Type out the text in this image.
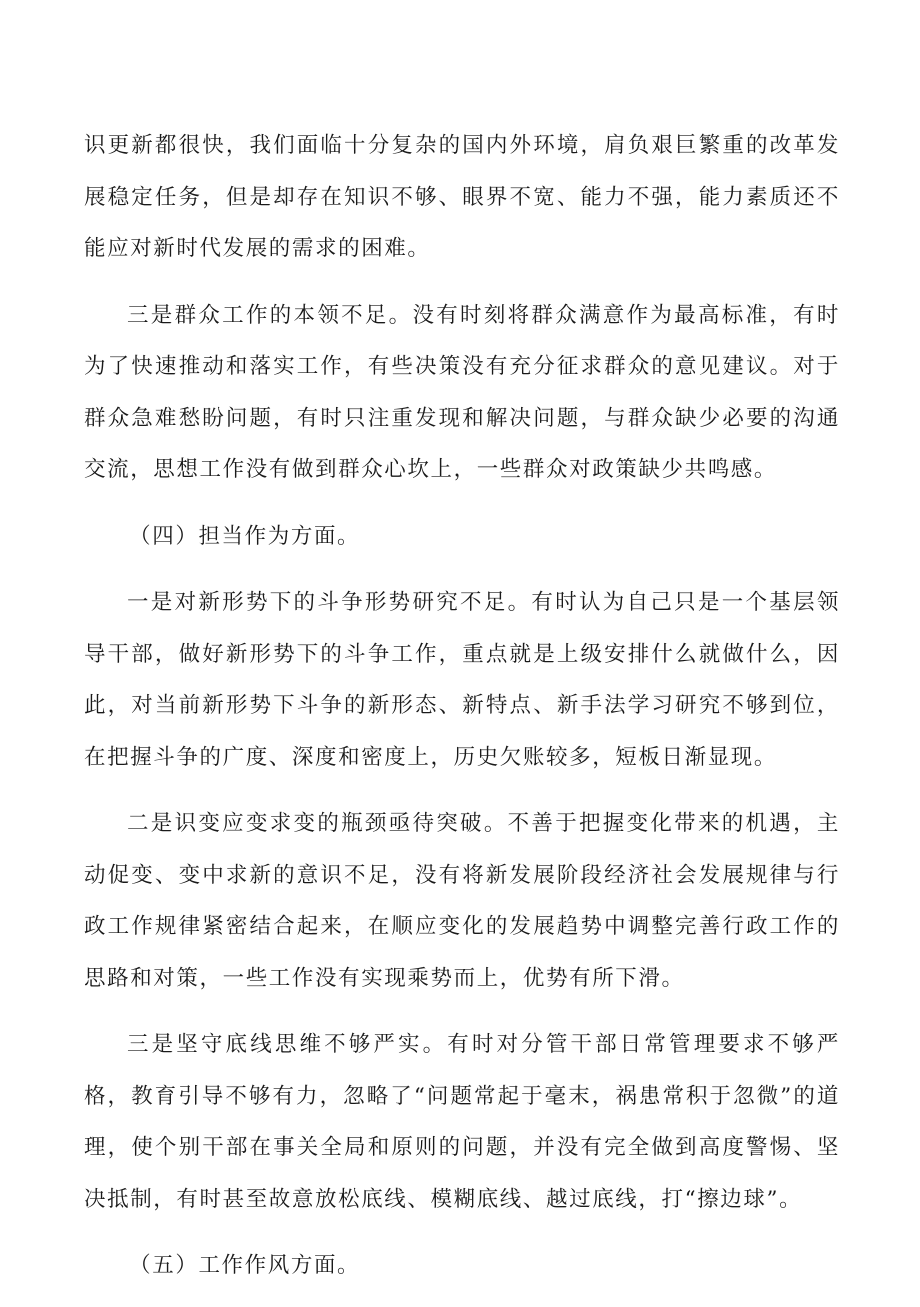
识更新都很快，我们面临十分复杂的国内外环境，肩负艰巨繁重的改革发展稳定任务，但是却存在知识不够、眼界不宽、能力不强，能力素质还不能应对新时代发展的需求的困难。

三是群众工作的本领不足。没有时刻将群众满意作为最高标准，有时为了快速推动和落实工作，有些决策没有充分征求群众的意见建议。对于群众急难愁盼问题，有时只注重发现和解决问题，与群众缺少必要的沟通交流，思想工作没有做到群众心坎上，一些群众对政策缺少共鸣感。

（四）担当作为方面。

一是对新形势下的斗争形势研究不足。有时认为自己只是一个基层领导干部，做好新形势下的斗争工作，重点就是上级安排什么就做什么，因此，对当前新形势下斗争的新形态、新特点、新手法学习研究不够到位，在把握斗争的广度、深度和密度上，历史欠账较多，短板日渐显现。

二是识变应变求变的瓶颈亟待突破。不善于把握变化带来的机遇，主动促变、变中求新的意识不足，没有将新发展阶段经济社会发展规律与行政工作规律紧密结合起来，在顺应变化的发展趋势中调整完善行政工作的思路和对策，一些工作没有实现乘势而上，优势有所下滑。

三是坚守底线思维不够严实。有时对分管干部日常管理要求不够严格，教育引导不够有力，忽略了“问题常起于毫末，祸患常积于忽微”的道理，使个别干部在事关全局和原则的问题，并没有完全做到高度警惕、坚决抵制，有时甚至故意放松底线、模糊底线、越过底线，打“擦边球”。

（五）工作作风方面。
